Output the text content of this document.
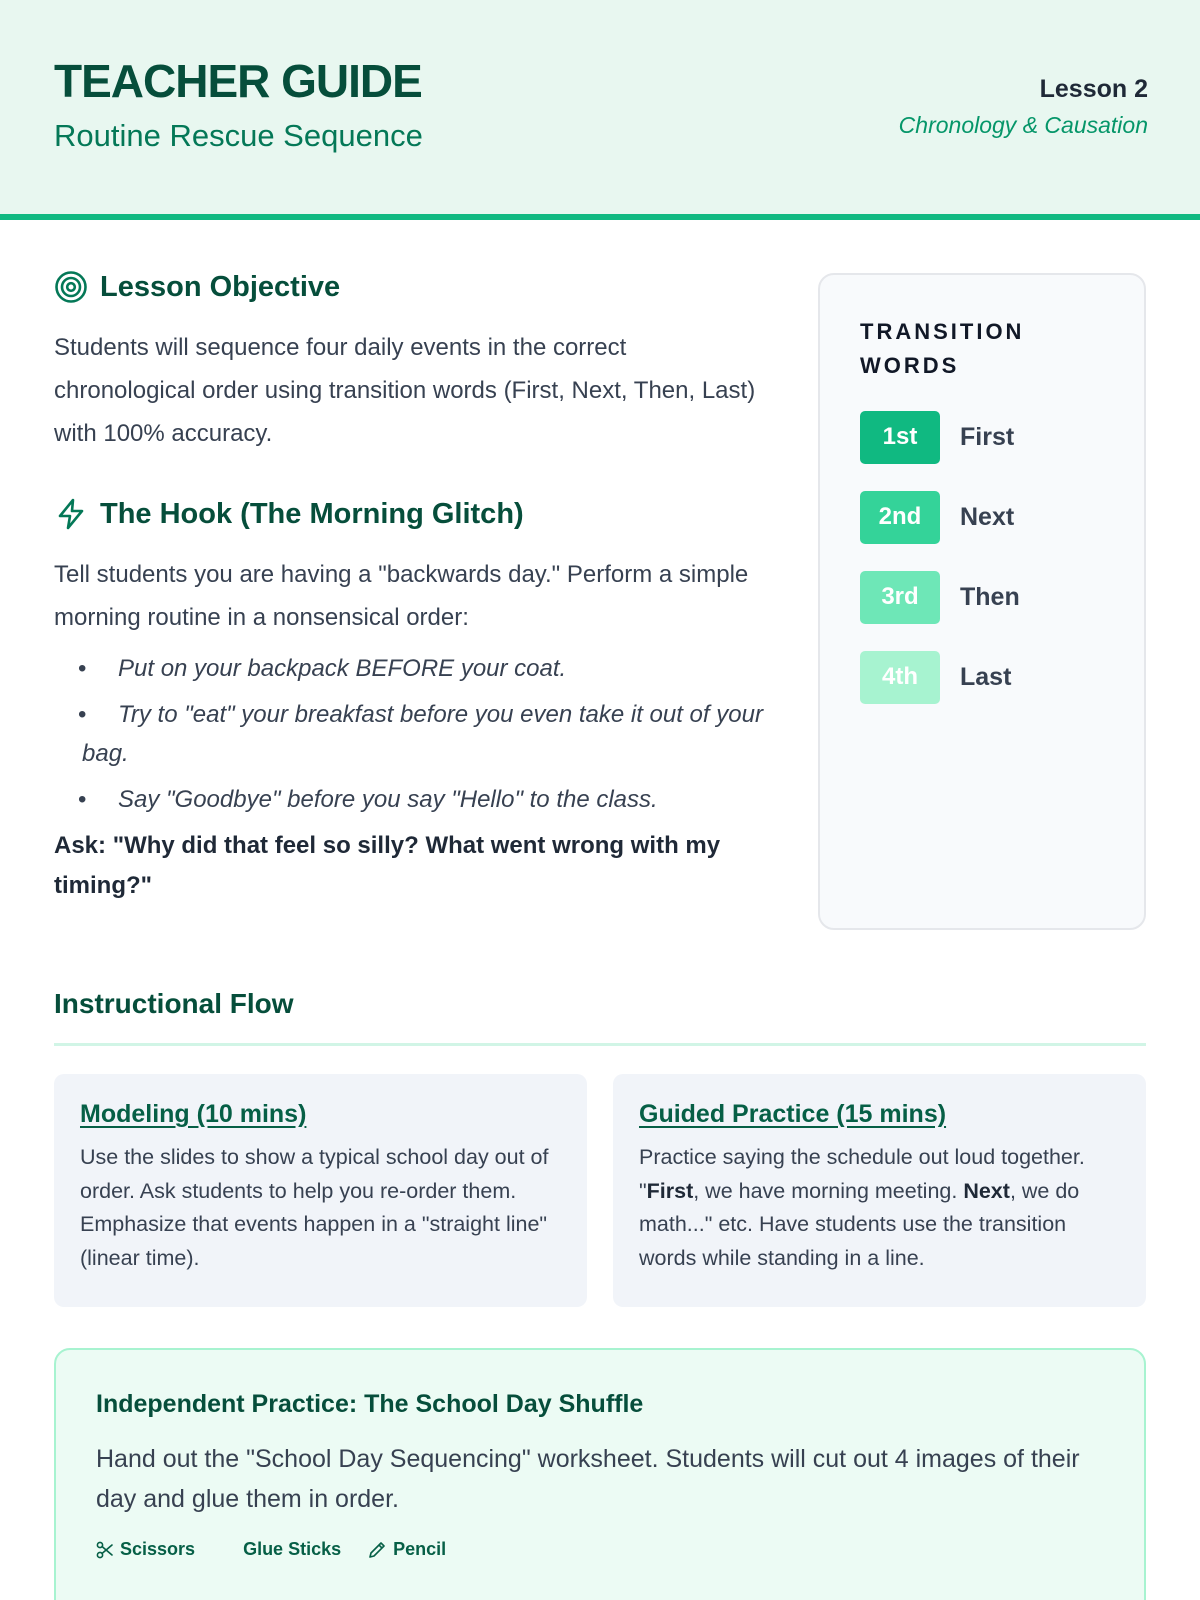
TEACHER GUIDE
Routine Rescue Sequence
Lesson 2
Chronology & Causation
Lesson Objective
Students will sequence four daily events in the correct chronological order using transition words (First, Next, Then, Last) with 100% accuracy.
The Hook (The Morning Glitch)
Tell students you are having a "backwards day." Perform a simple morning routine in a nonsensical order:
• Put on your backpack BEFORE your coat.
• Try to "eat" your breakfast before you even take it out of your bag.
• Say "Goodbye" before you say "Hello" to the class.
Ask: "Why did that feel so silly? What went wrong with my timing?"
TRANSITION WORDS
1st	First
2nd	Next
3rd	Then
4th	Last
Instructional Flow
Modeling (10 mins)
Use the slides to show a typical school day out of order. Ask students to help you re-order them. Emphasize that events happen in a "straight line" (linear time).
Guided Practice (15 mins)
Practice saying the schedule out loud together. "First, we have morning meeting. Next, we do math..." etc. Have students use the transition words while standing in a line.
Independent Practice: The School Day Shuffle
Hand out the "School Day Sequencing" worksheet. Students will cut out 4 images of their day and glue them in order.
Scissors	Glue Sticks	Pencil
